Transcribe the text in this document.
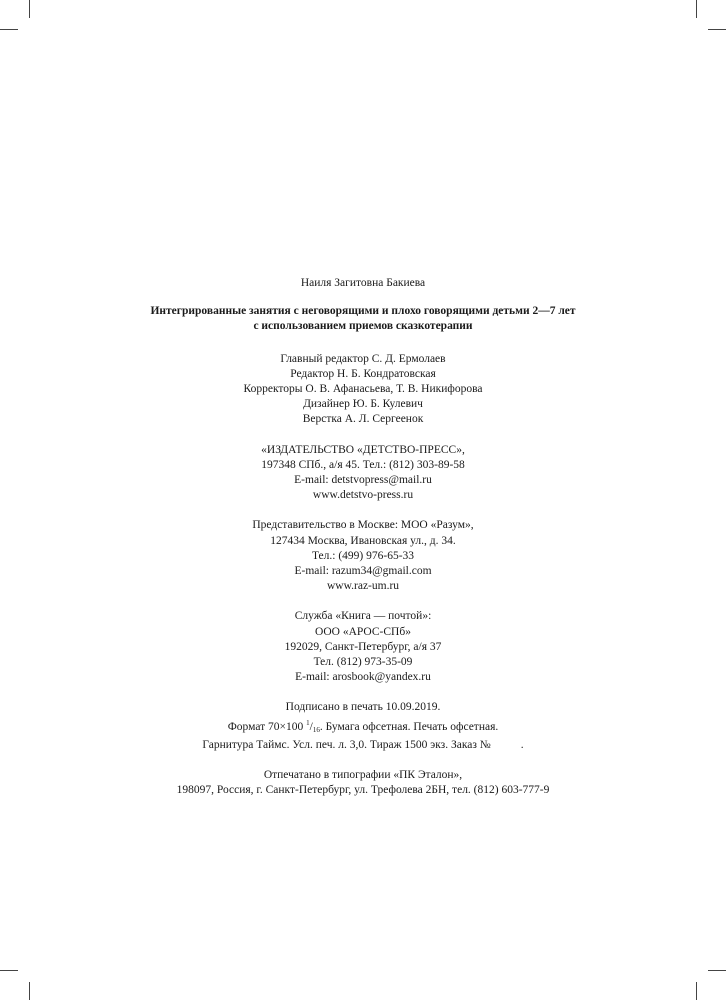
Наиля Загитовна Бакиева
Интегрированные занятия с неговорящими и плохо говорящими детьми 2—7 лет
с использованием приемов сказкотерапии
Главный редактор С. Д. Ермолаев
Редактор Н. Б. Кондратовская
Корректоры О. В. Афанасьева, Т. В. Никифорова
Дизайнер Ю. Б. Кулевич
Верстка А. Л. Сергеенок
«ИЗДАТЕЛЬСТВО «ДЕТСТВО-ПРЕСС»,
197348 СПб., а/я 45. Тел.: (812) 303-89-58
E-mail: detstvopress@mail.ru
www.detstvo-press.ru
Представительство в Москве: МОО «Разум»,
127434 Москва, Ивановская ул., д. 34.
Тел.: (499) 976-65-33
E-mail: razum34@gmail.com
www.raz-um.ru
Служба «Книга — почтой»:
ООО «АРОС-СПб»
192029, Санкт-Петербург, а/я 37
Тел. (812) 973-35-09
E-mail: arosbook@yandex.ru
Подписано в печать 10.09.2019.
Формат 70×100 $^1/_{16}$. Бумага офсетная. Печать офсетная.
Гарнитура Таймс. Усл. печ. л. 3,0. Тираж 1500 экз. Заказ №	.
Отпечатано в типографии «ПК Эталон»,
198097, Россия, г. Санкт-Петербург, ул. Трефолева 2БН, тел. (812) 603-777-9
